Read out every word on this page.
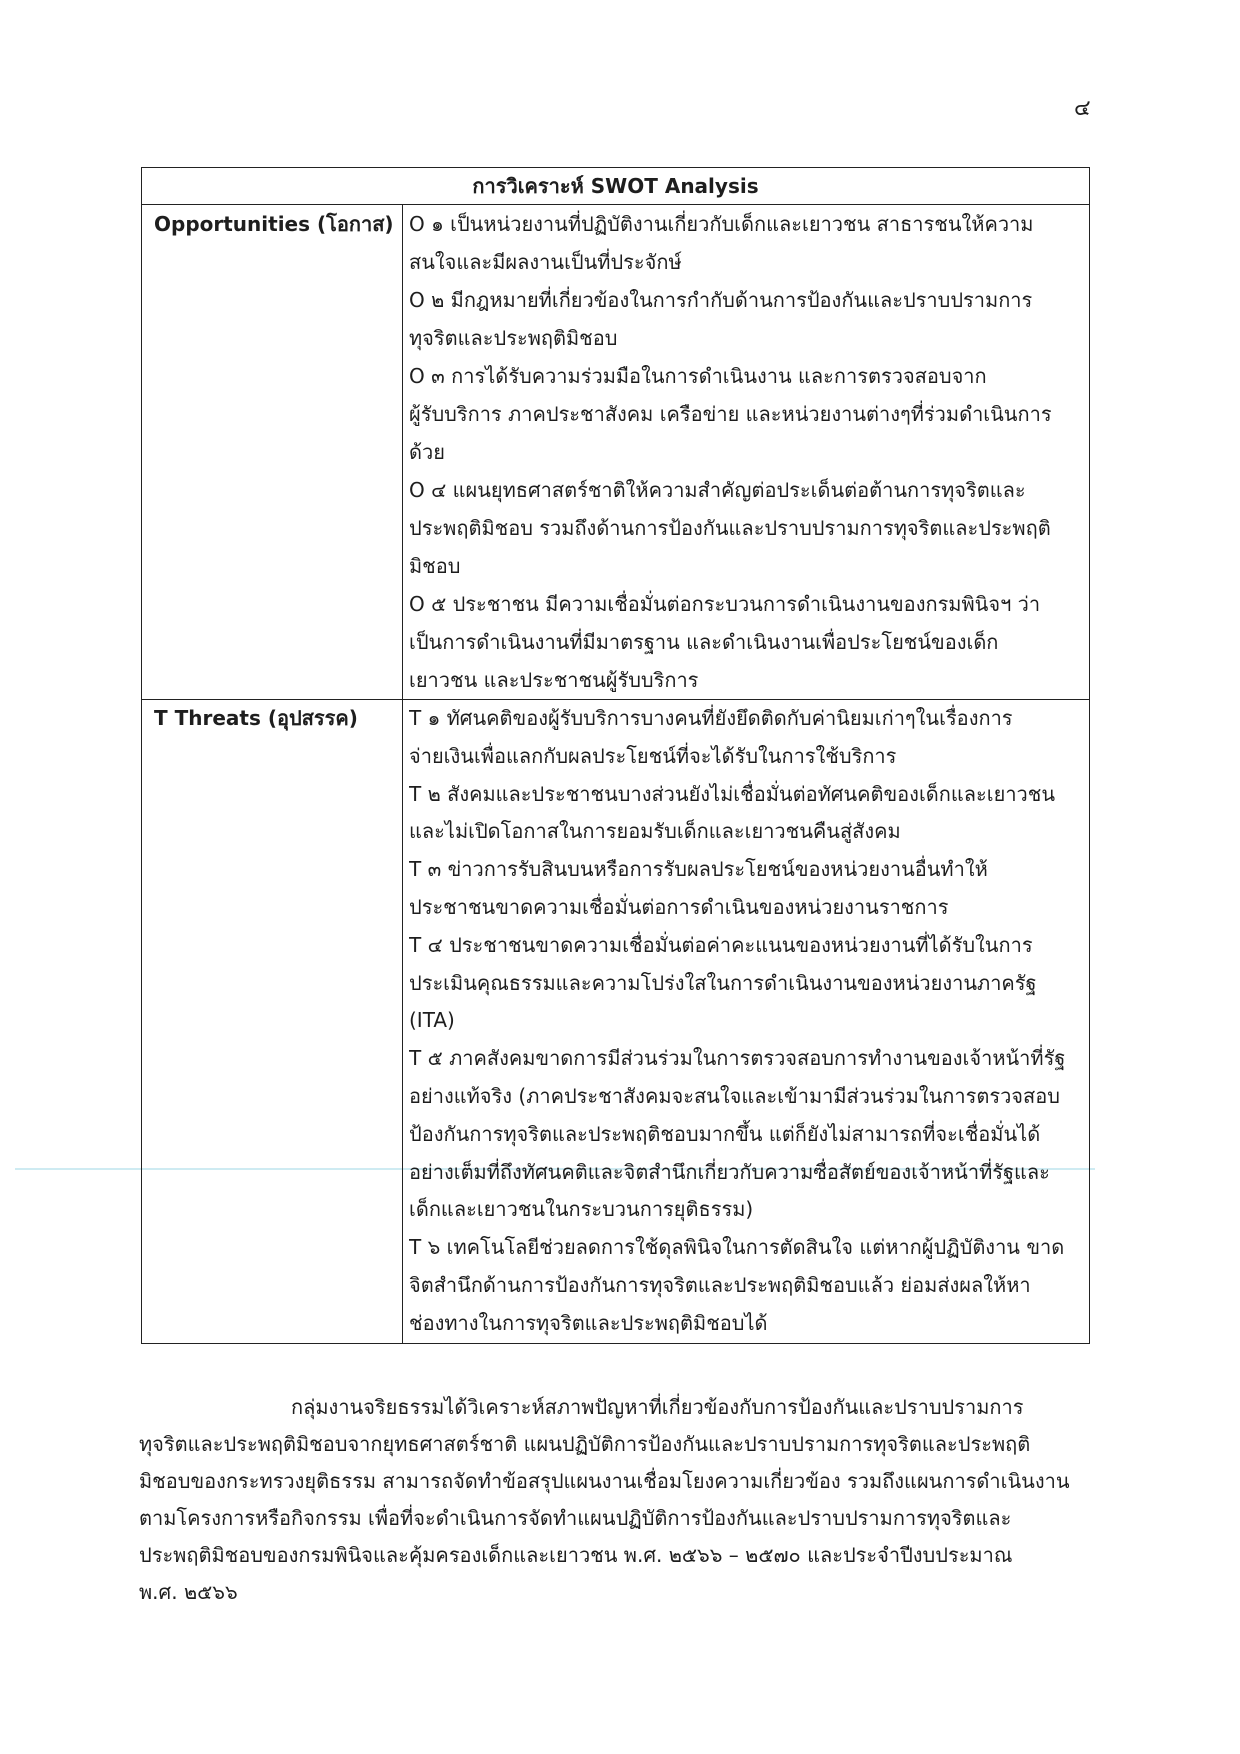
๔
การวิเคราะห์ SWOT Analysis
Opportunities (โอกาส) O ๑ เป็นหน่วยงานที่ปฏิบัติงานเกี่ยวกับเด็กและเยาวชน สาธารชนให้ความ
สนใจและมีผลงานเป็นที่ประจักษ์
O ๒ มีกฎหมายที่เกี่ยวข้องในการกำกับด้านการป้องกันและปราบปรามการ
ทุจริตและประพฤติมิชอบ
O ๓ การได้รับความร่วมมือในการดำเนินงาน และการตรวจสอบจาก
ผู้รับบริการ ภาคประชาสังคม เครือข่าย และหน่วยงานต่างๆที่ร่วมดำเนินการ
ด้วย
O ๔ แผนยุทธศาสตร์ชาติให้ความสำคัญต่อประเด็นต่อต้านการทุจริตและ
ประพฤติมิชอบ รวมถึงด้านการป้องกันและปราบปรามการทุจริตและประพฤติ
มิชอบ
O ๕ ประชาชน มีความเชื่อมั่นต่อกระบวนการดำเนินงานของกรมพินิจฯ ว่า
เป็นการดำเนินงานที่มีมาตรฐาน และดำเนินงานเพื่อประโยชน์ของเด็ก
เยาวชน และประชาชนผู้รับบริการ
T Threats (อุปสรรค)	T ๑ ทัศนคติของผู้รับบริการบางคนที่ยังยึดติดกับค่านิยมเก่าๆในเรื่องการ
จ่ายเงินเพื่อแลกกับผลประโยชน์ที่จะได้รับในการใช้บริการ
T ๒ สังคมและประชาชนบางส่วนยังไม่เชื่อมั่นต่อทัศนคติของเด็กและเยาวชน
และไม่เปิดโอกาสในการยอมรับเด็กและเยาวชนคืนสู่สังคม
T ๓ ข่าวการรับสินบนหรือการรับผลประโยชน์ของหน่วยงานอื่นทำให้
ประชาชนขาดความเชื่อมั่นต่อการดำเนินของหน่วยงานราชการ
T ๔ ประชาชนขาดความเชื่อมั่นต่อค่าคะแนนของหน่วยงานที่ได้รับในการ
ประเมินคุณธรรมและความโปร่งใสในการดำเนินงานของหน่วยงานภาครัฐ
(ITA)
T ๕ ภาคสังคมขาดการมีส่วนร่วมในการตรวจสอบการทำงานของเจ้าหน้าที่รัฐ
อย่างแท้จริง (ภาคประชาสังคมจะสนใจและเข้ามามีส่วนร่วมในการตรวจสอบ
ป้องกันการทุจริตและประพฤติชอบมากขึ้น แต่ก็ยังไม่สามารถที่จะเชื่อมั่นได้
อย่างเต็มที่ถึงทัศนคติและจิตสำนึกเกี่ยวกับความซื่อสัตย์ของเจ้าหน้าที่รัฐและ
เด็กและเยาวชนในกระบวนการยุติธรรม)
T ๖ เทคโนโลยีช่วยลดการใช้ดุลพินิจในการตัดสินใจ แต่หากผู้ปฏิบัติงาน ขาด
จิตสำนึกด้านการป้องกันการทุจริตและประพฤติมิชอบแล้ว ย่อมส่งผลให้หา
ช่องทางในการทุจริตและประพฤติมิชอบได้
กลุ่มงานจริยธรรมได้วิเคราะห์สภาพปัญหาที่เกี่ยวข้องกับการป้องกันและปราบปรามการ
ทุจริตและประพฤติมิชอบจากยุทธศาสตร์ชาติ แผนปฏิบัติการป้องกันและปราบปรามการทุจริตและประพฤติ
มิชอบของกระทรวงยุติธรรม สามารถจัดทำข้อสรุปแผนงานเชื่อมโยงความเกี่ยวข้อง รวมถึงแผนการดำเนินงาน
ตามโครงการหรือกิจกรรม เพื่อที่จะดำเนินการจัดทำแผนปฏิบัติการป้องกันและปราบปรามการทุจริตและ
ประพฤติมิชอบของกรมพินิจและคุ้มครองเด็กและเยาวชน พ.ศ. ๒๕๖๖ – ๒๕๗๐ และประจำปีงบประมาณ
พ.ศ. ๒๕๖๖
